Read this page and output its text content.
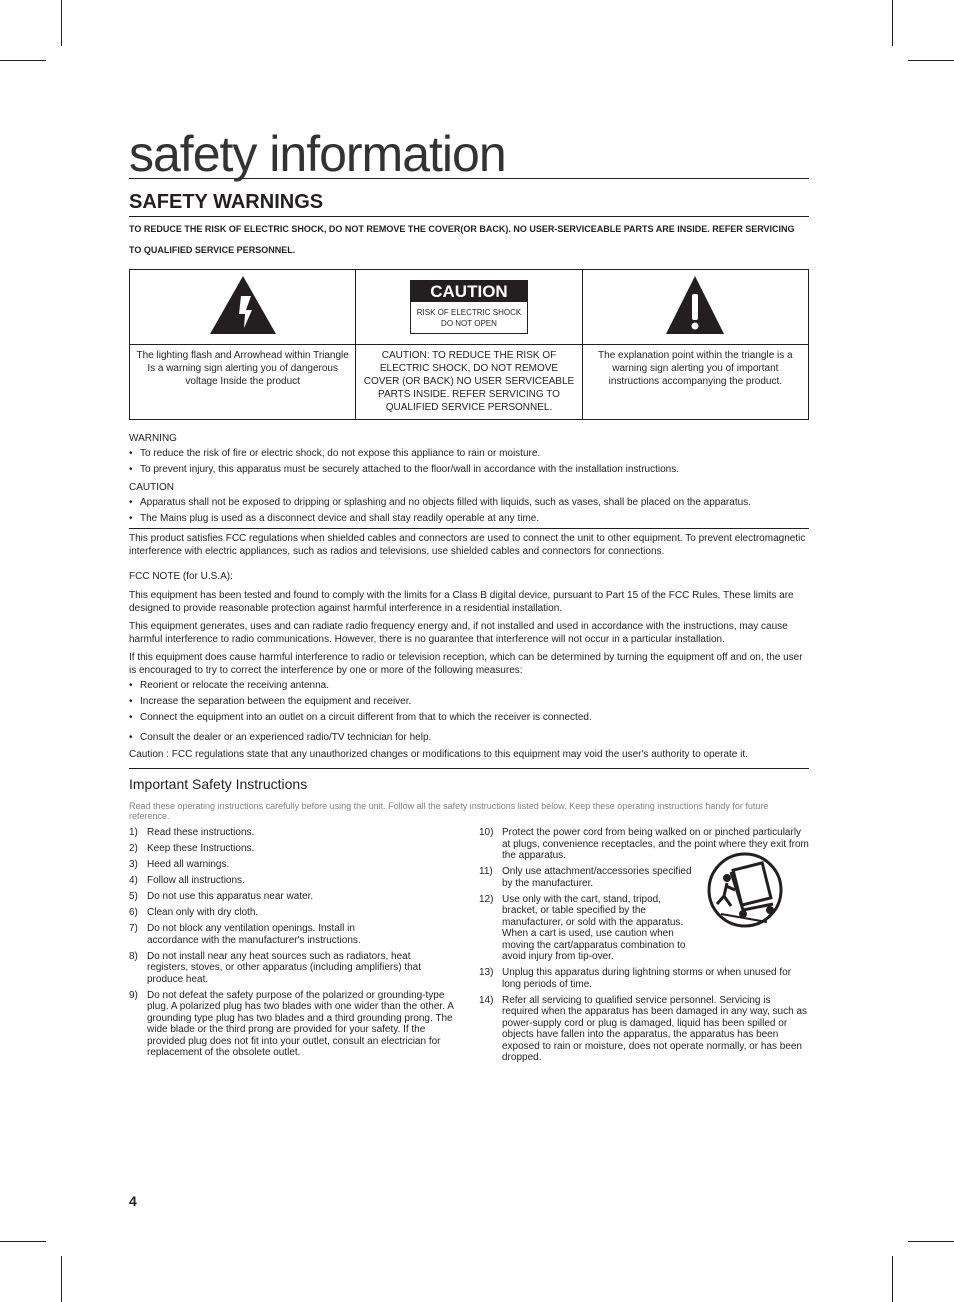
safety information
SAFETY WARNINGS
TO REDUCE THE RISK OF ELECTRIC SHOCK, DO NOT REMOVE THE COVER(OR BACK). NO USER-SERVICEABLE PARTS ARE INSIDE. REFER SERVICING TO QUALIFIED SERVICE PERSONNEL.

CAUTION
RISK OF ELECTRIC SHOCK
DO NOT OPEN

The lighting flash and Arrowhead within Triangle Is a warning sign alerting you of dangerous voltage Inside the product	CAUTION: TO REDUCE THE RISK OF ELECTRIC SHOCK, DO NOT REMOVE COVER (OR BACK) NO USER SERVICEABLE PARTS INSIDE. REFER SERVICING TO QUALIFIED SERVICE PERSONNEL.	The explanation point within the triangle is a warning sign alerting you of important instructions accompanying the product.
WARNING
• To reduce the risk of fire or electric shock, do not expose this appliance to rain or moisture.
• To prevent injury, this apparatus must be securely attached to the floor/wall in accordance with the installation instructions.
CAUTION
• Apparatus shall not be exposed to dripping or splashing and no objects filled with liquids, such as vases, shall be placed on the apparatus.
• The Mains plug is used as a disconnect device and shall stay readily operable at any time.

This product satisfies FCC regulations when shielded cables and connectors are used to connect the unit to other equipment. To prevent electromagnetic interference with electric appliances, such as radios and televisions, use shielded cables and connectors for connections.

FCC NOTE (for U.S.A):

This equipment has been tested and found to comply with the limits for a Class B digital device, pursuant to Part 15 of the FCC Rules. These limits are designed to provide reasonable protection against harmful interference in a residential installation.

This equipment generates, uses and can radiate radio frequency energy and, if not installed and used in accordance with the instructions, may cause harmful interference to radio communications. However, there is no guarantee that interference will not occur in a particular installation.

If this equipment does cause harmful interference to radio or television reception, which can be determined by turning the equipment off and on, the user is encouraged to try to correct the interference by one or more of the following measures:

• Reorient or relocate the receiving antenna.
• Increase the separation between the equipment and receiver.
• Connect the equipment into an outlet on a circuit different from that to which the receiver is connected.
• Consult the dealer or an experienced radio/TV technician for help.

Caution : FCC regulations state that any unauthorized changes or modifications to this equipment may void the user's authority to operate it.

Important Safety Instructions
Read these operating instructions carefully before using the unit. Follow all the safety instructions listed below. Keep these operating instructions handy for future reference.
1) Read these instructions.
2) Keep these Instructions.
3) Heed all warnings.
4) Follow all instructions.
5) Do not use this apparatus near water.
6) Clean only with dry cloth.
7) Do not block any ventilation openings. Install in accordance with the manufacturer's instructions.
8) Do not install near any heat sources such as radiators, heat registers, stoves, or other apparatus (including amplifiers) that produce heat.
9) Do not defeat the safety purpose of the polarized or grounding-type plug. A polarized plug has two blades with one wider than the other. A grounding type plug has two blades and a third grounding prong. The wide blade or the third prong are provided for your safety. If the provided plug does not fit into your outlet, consult an electrician for replacement of the obsolete outlet.
10) Protect the power cord from being walked on or pinched particularly at plugs, convenience receptacles, and the point where they exit from the apparatus.
11) Only use attachment/accessories specified by the manufacturer.
12) Use only with the cart, stand, tripod, bracket, or table specified by the manufacturer, or sold with the apparatus. When a cart is used, use caution when moving the cart/apparatus combination to avoid injury from tip-over.
13) Unplug this apparatus during lightning storms or when unused for long periods of time.
14) Refer all servicing to qualified service personnel. Servicing is required when the apparatus has been damaged in any way, such as power-supply cord or plug is damaged, liquid has been spilled or objects have fallen into the apparatus, the apparatus has been exposed to rain or moisture, does not operate normally, or has been dropped.
4
